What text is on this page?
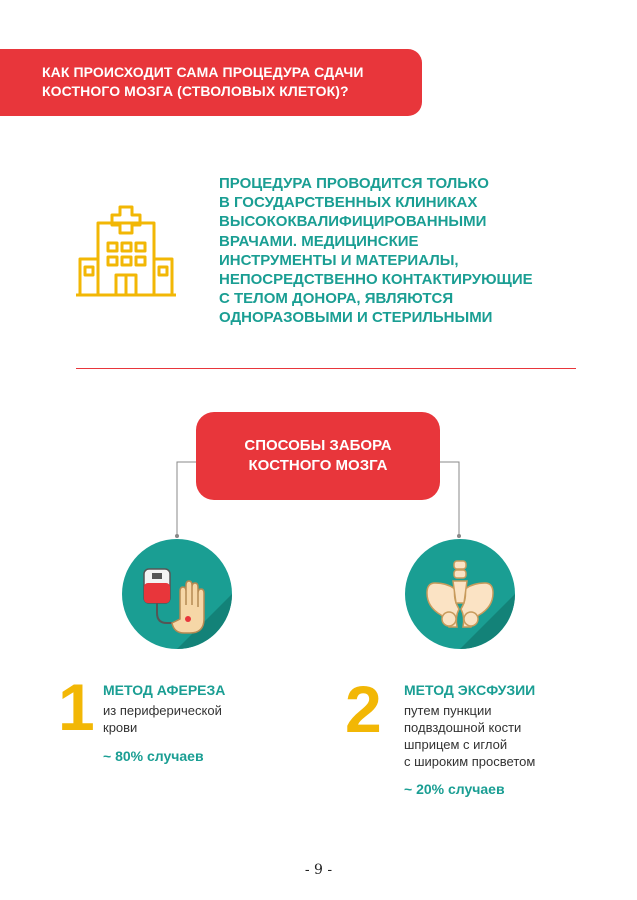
КАК ПРОИСХОДИТ САМА ПРОЦЕДУРА СДАЧИ
КОСТНОГО МОЗГА (СТВОЛОВЫХ КЛЕТОК)?
ПРОЦЕДУРА ПРОВОДИТСЯ ТОЛЬКО
В ГОСУДАРСТВЕННЫХ КЛИНИКАХ
ВЫСОКОКВАЛИФИЦИРОВАННЫМИ
ВРАЧАМИ. МЕДИЦИНСКИЕ
ИНСТРУМЕНТЫ И МАТЕРИАЛЫ,
НЕПОСРЕДСТВЕННО КОНТАКТИРУЮЩИЕ
С ТЕЛОМ ДОНОРА, ЯВЛЯЮТСЯ
ОДНОРАЗОВЫМИ И СТЕРИЛЬНЫМИ
СПОСОБЫ ЗАБОРА
КОСТНОГО МОЗГА
1 МЕТОД АФЕРЕЗА
из периферической
крови
~ 80% случаев
2 МЕТОД ЭКСФУЗИИ
путем пункции
подвздошной кости
шприцем с иглой
с широким просветом
~ 20% случаев
- 9 -
